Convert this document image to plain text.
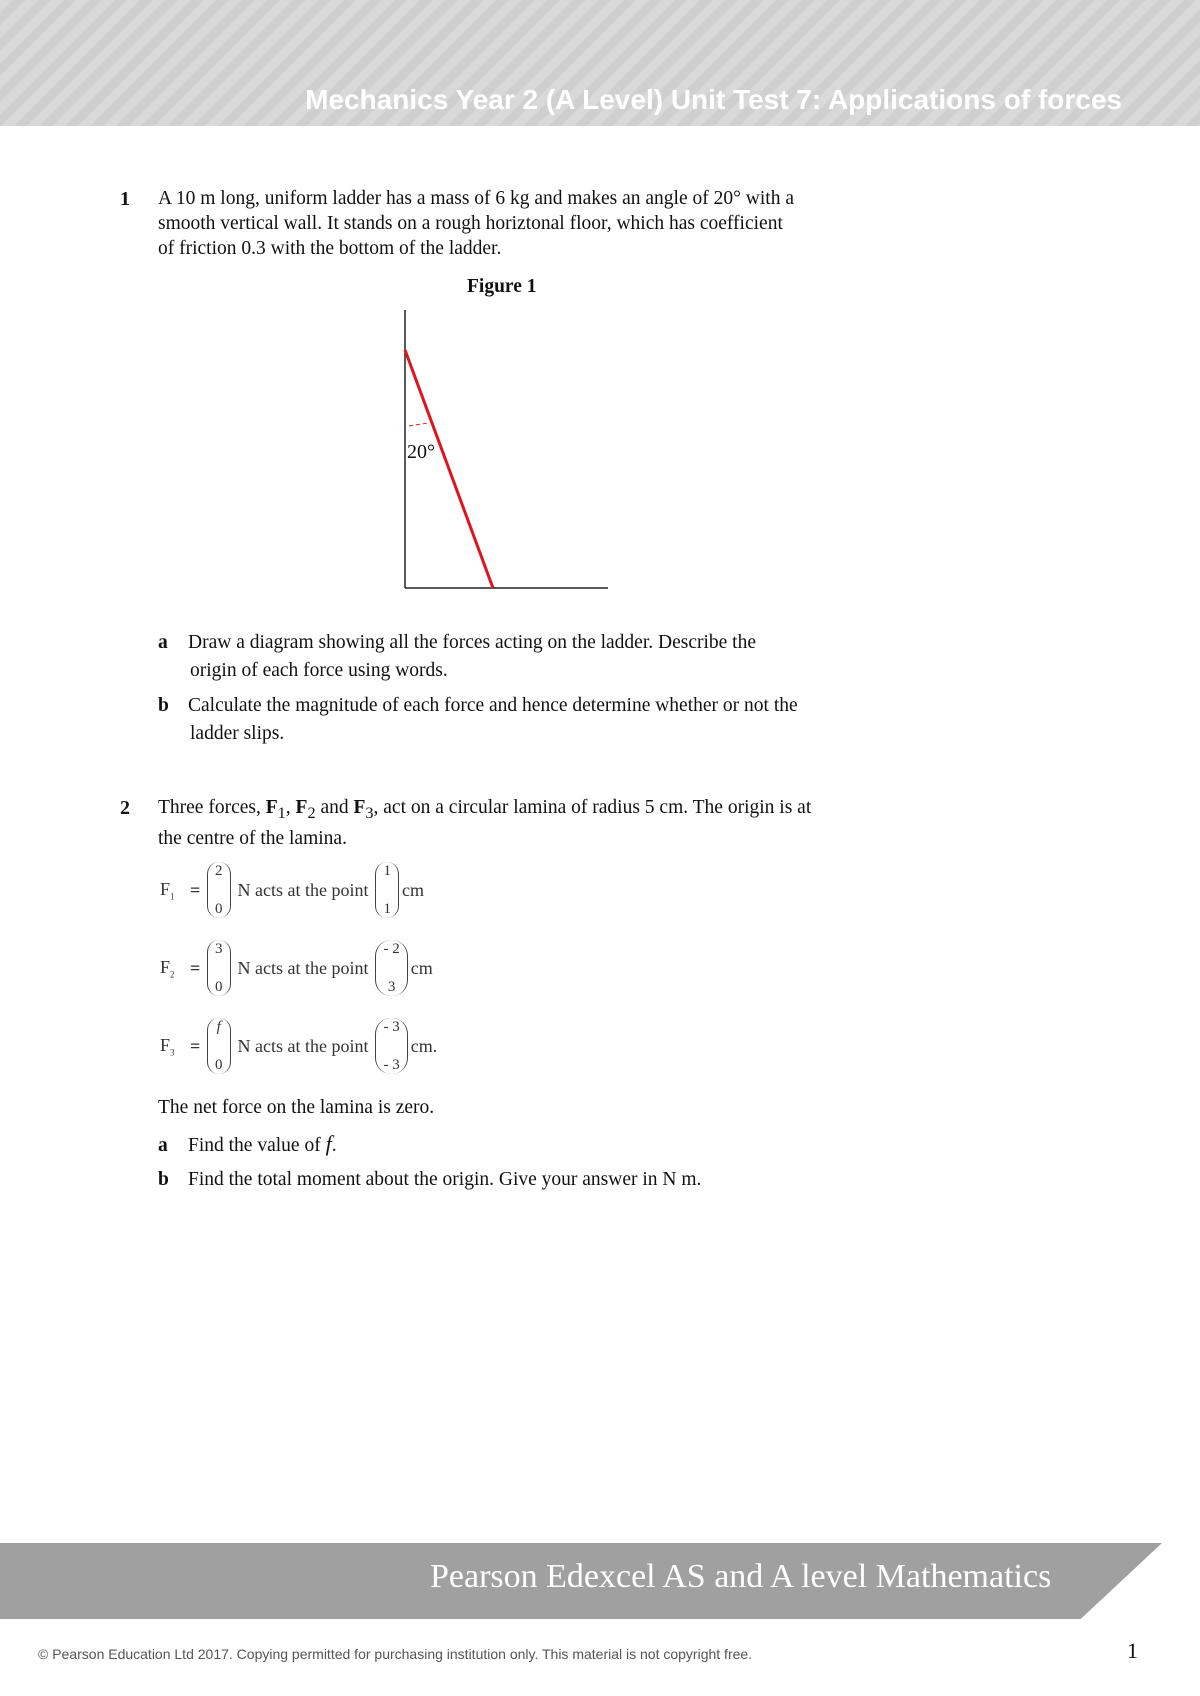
Mechanics Year 2 (A Level) Unit Test 7: Applications of forces
1 A 10 m long, uniform ladder has a mass of 6 kg and makes an angle of 20° with a
smooth vertical wall. It stands on a rough horiztonal floor, which has coefficient
of friction 0.3 with the bottom of the ladder.
Figure 1
20°
a Draw a diagram showing all the forces acting on the ladder. Describe the
origin of each force using words.
b Calculate the magnitude of each force and hence determine whether or not the
ladder slips.
2 Three forces, $F_1$, $F_2$ and $F_3$, act on a circular lamina of radius 5 cm. The origin is at
the centre of the lamina.
$F_1$ =
2
0
N acts at the point
1
1
cm
$F_2$ =
3
0
N acts at the point
- 2
3
cm
$F_3$ =
f
0
N acts at the point
- 3
- 3
cm.
The net force on the lamina is zero.
a Find the value of f.
b Find the total moment about the origin. Give your answer in N m.
Pearson Edexcel AS and A level Mathematics
© Pearson Education Ltd 2017. Copying permitted for purchasing institution only. This material is not copyright free.	1
